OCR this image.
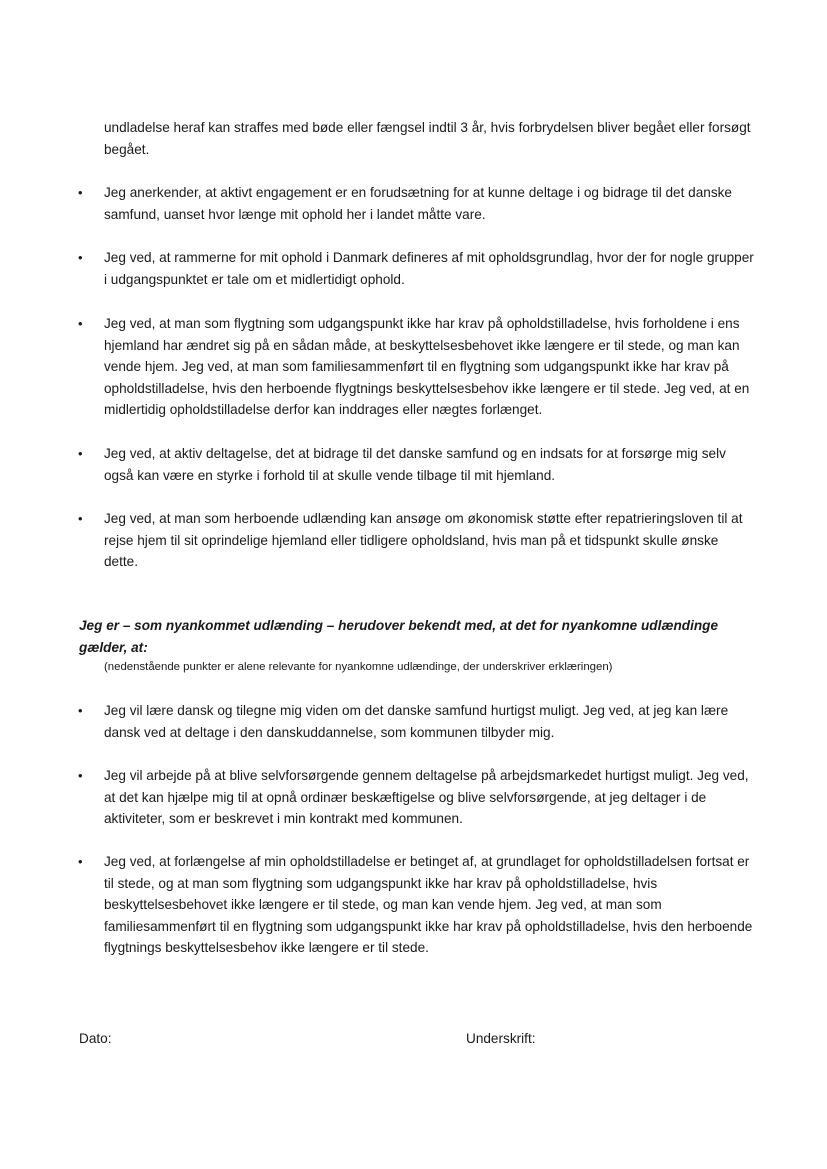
undladelse heraf kan straffes med bøde eller fængsel indtil 3 år, hvis forbrydelsen bliver begået eller forsøgt begået.

• Jeg anerkender, at aktivt engagement er en forudsætning for at kunne deltage i og bidrage til det danske samfund, uanset hvor længe mit ophold her i landet måtte vare.

• Jeg ved, at rammerne for mit ophold i Danmark defineres af mit opholdsgrundlag, hvor der for nogle grupper i udgangspunktet er tale om et midlertidigt ophold.

• Jeg ved, at man som flygtning som udgangspunkt ikke har krav på opholdstilladelse, hvis forholdene i ens hjemland har ændret sig på en sådan måde, at beskyttelsesbehovet ikke længere er til stede, og man kan vende hjem. Jeg ved, at man som familiesammenført til en flygtning som udgangspunkt ikke har krav på opholdstilladelse, hvis den herboende flygtnings beskyttelsesbehov ikke længere er til stede. Jeg ved, at en midlertidig opholdstilladelse derfor kan inddrages eller nægtes forlænget.

• Jeg ved, at aktiv deltagelse, det at bidrage til det danske samfund og en indsats for at forsørge mig selv også kan være en styrke i forhold til at skulle vende tilbage til mit hjemland.

• Jeg ved, at man som herboende udlænding kan ansøge om økonomisk støtte efter repatrieringsloven til at rejse hjem til sit oprindelige hjemland eller tidligere opholdsland, hvis man på et tidspunkt skulle ønske dette.

Jeg er – som nyankommet udlænding – herudover bekendt med, at det for nyankomne udlændinge gælder, at:

(nedenstående punkter er alene relevante for nyankomne udlændinge, der underskriver erklæringen)

• Jeg vil lære dansk og tilegne mig viden om det danske samfund hurtigst muligt. Jeg ved, at jeg kan lære dansk ved at deltage i den danskuddannelse, som kommunen tilbyder mig.

• Jeg vil arbejde på at blive selvforsørgende gennem deltagelse på arbejdsmarkedet hurtigst muligt. Jeg ved, at det kan hjælpe mig til at opnå ordinær beskæftigelse og blive selvforsørgende, at jeg deltager i de aktiviteter, som er beskrevet i min kontrakt med kommunen.

• Jeg ved, at forlængelse af min opholdstilladelse er betinget af, at grundlaget for opholdstilladelsen fortsat er til stede, og at man som flygtning som udgangspunkt ikke har krav på opholdstilladelse, hvis beskyttelsesbehovet ikke længere er til stede, og man kan vende hjem. Jeg ved, at man som familiesammenført til en flygtning som udgangspunkt ikke har krav på opholdstilladelse, hvis den herboende flygtnings beskyttelsesbehov ikke længere er til stede.

Dato:	Underskrift:
